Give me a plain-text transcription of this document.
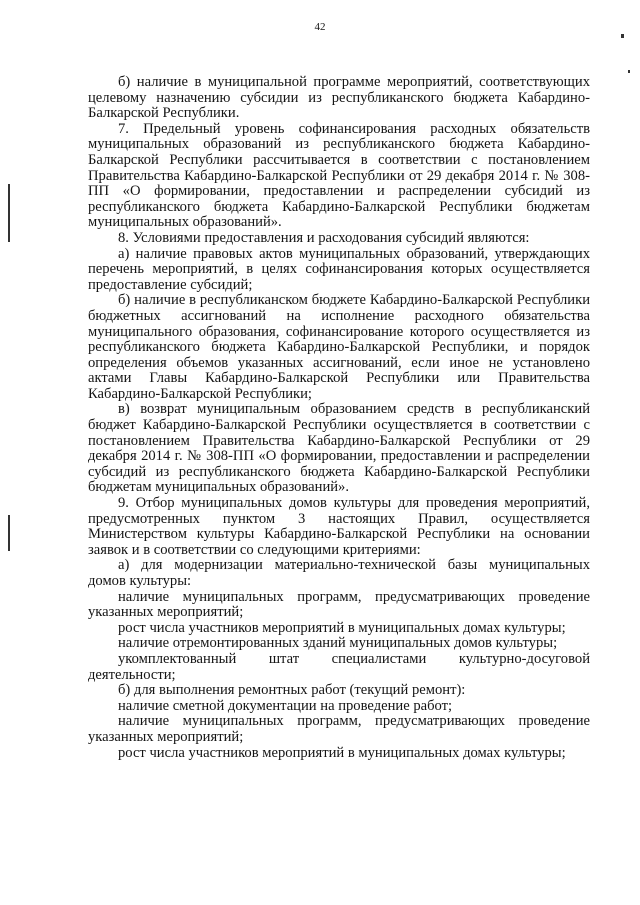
42

б) наличие в муниципальной программе мероприятий, соответствующих целевому назначению субсидии из республиканского бюджета Кабардино-Балкарской Республики.

7. Предельный уровень софинансирования расходных обязательств муниципальных образований из республиканского бюджета Кабардино-Балкарской Республики рассчитывается в соответствии с постановлением Правительства Кабардино-Балкарской Республики от 29 декабря 2014 г. № 308-ПП «О формировании, предоставлении и распределении субсидий из республиканского бюджета Кабардино-Балкарской Республики бюджетам муниципальных образований».

8. Условиями предоставления и расходования субсидий являются:

а) наличие правовых актов муниципальных образований, утверждающих перечень мероприятий, в целях софинансирования которых осуществляется предоставление субсидий;

б) наличие в республиканском бюджете Кабардино-Балкарской Республики бюджетных ассигнований на исполнение расходного обязательства муниципального образования, софинансирование которого осуществляется из республиканского бюджета Кабардино-Балкарской Республики, и порядок определения объемов указанных ассигнований, если иное не установлено актами Главы Кабардино-Балкарской Республики или Правительства Кабардино-Балкарской Республики;

в) возврат муниципальным образованием средств в республиканский бюджет Кабардино-Балкарской Республики осуществляется в соответствии с постановлением Правительства Кабардино-Балкарской Республики от 29 декабря 2014 г. № 308-ПП «О формировании, предоставлении и распределении субсидий из республиканского бюджета Кабардино-Балкарской Республики бюджетам муниципальных образований».

9. Отбор муниципальных домов культуры для проведения мероприятий, предусмотренных пунктом 3 настоящих Правил, осуществляется Министерством культуры Кабардино-Балкарской Республики на основании заявок и в соответствии со следующими критериями:

а) для модернизации материально-технической базы муниципальных домов культуры:

наличие муниципальных программ, предусматривающих проведение указанных мероприятий;

рост числа участников мероприятий в муниципальных домах культуры;

наличие отремонтированных зданий муниципальных домов культуры;

укомплектованный штат специалистами культурно-досуговой деятельности;

б) для выполнения ремонтных работ (текущий ремонт):

наличие сметной документации на проведение работ;

наличие муниципальных программ, предусматривающих проведение указанных мероприятий;

рост числа участников мероприятий в муниципальных домах культуры;
